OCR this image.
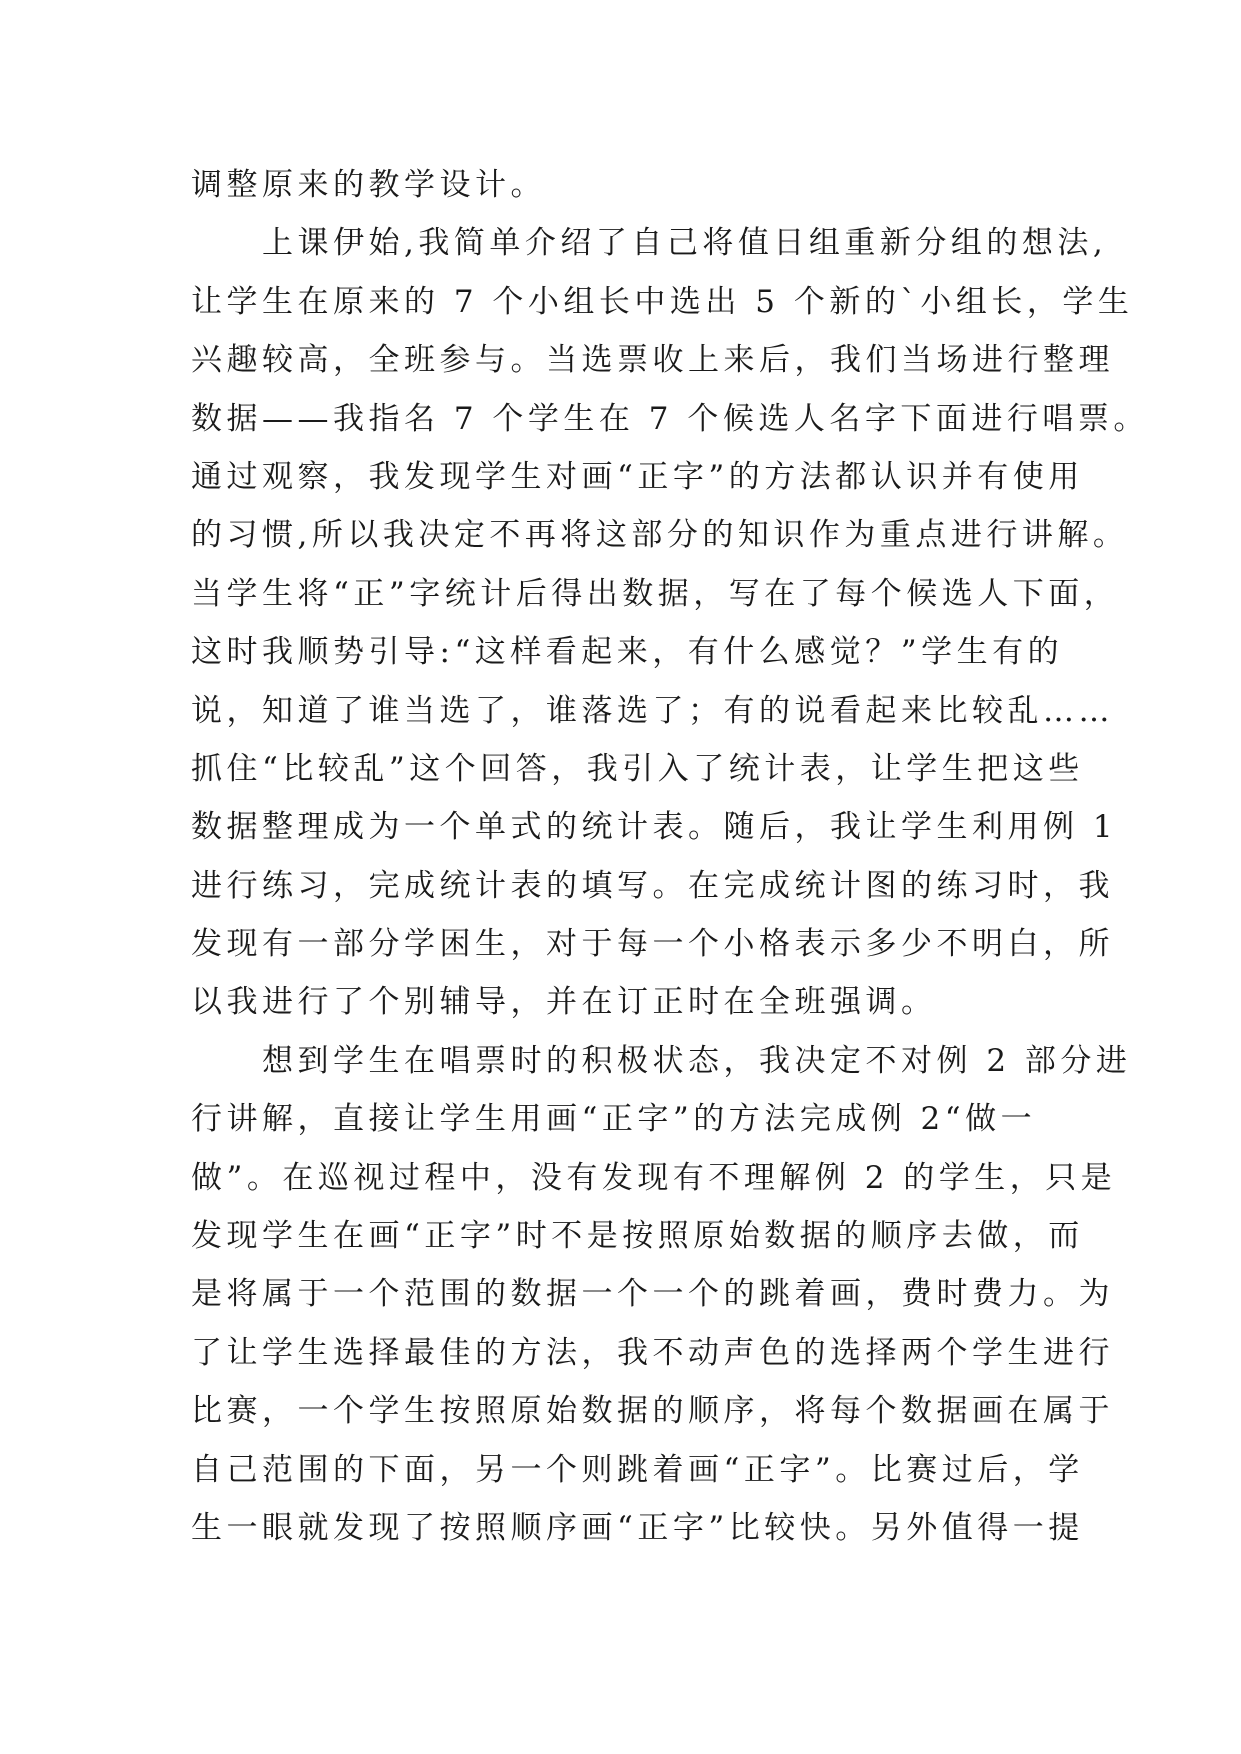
调整原来的教学设计。
　　上课伊始,我简单介绍了自己将值日组重新分组的想法,
让学生在原来的 7 个小组长中选出 5 个新的`小组长，学生
兴趣较高，全班参与。当选票收上来后，我们当场进行整理
数据——我指名 7 个学生在 7 个候选人名字下面进行唱票。
通过观察，我发现学生对画“正字”的方法都认识并有使用
的习惯,所以我决定不再将这部分的知识作为重点进行讲解。
当学生将“正”字统计后得出数据，写在了每个候选人下面，
这时我顺势引导:“这样看起来，有什么感觉？”学生有的
说，知道了谁当选了，谁落选了；有的说看起来比较乱……
抓住“比较乱”这个回答，我引入了统计表，让学生把这些
数据整理成为一个单式的统计表。随后，我让学生利用例 1
进行练习，完成统计表的填写。在完成统计图的练习时，我
发现有一部分学困生，对于每一个小格表示多少不明白，所
以我进行了个别辅导，并在订正时在全班强调。
　　想到学生在唱票时的积极状态，我决定不对例 2 部分进
行讲解，直接让学生用画“正字”的方法完成例 2“做一
做”。在巡视过程中，没有发现有不理解例 2 的学生，只是
发现学生在画“正字”时不是按照原始数据的顺序去做，而
是将属于一个范围的数据一个一个的跳着画，费时费力。为
了让学生选择最佳的方法，我不动声色的选择两个学生进行
比赛，一个学生按照原始数据的顺序，将每个数据画在属于
自己范围的下面，另一个则跳着画“正字”。比赛过后，学
生一眼就发现了按照顺序画“正字”比较快。另外值得一提
